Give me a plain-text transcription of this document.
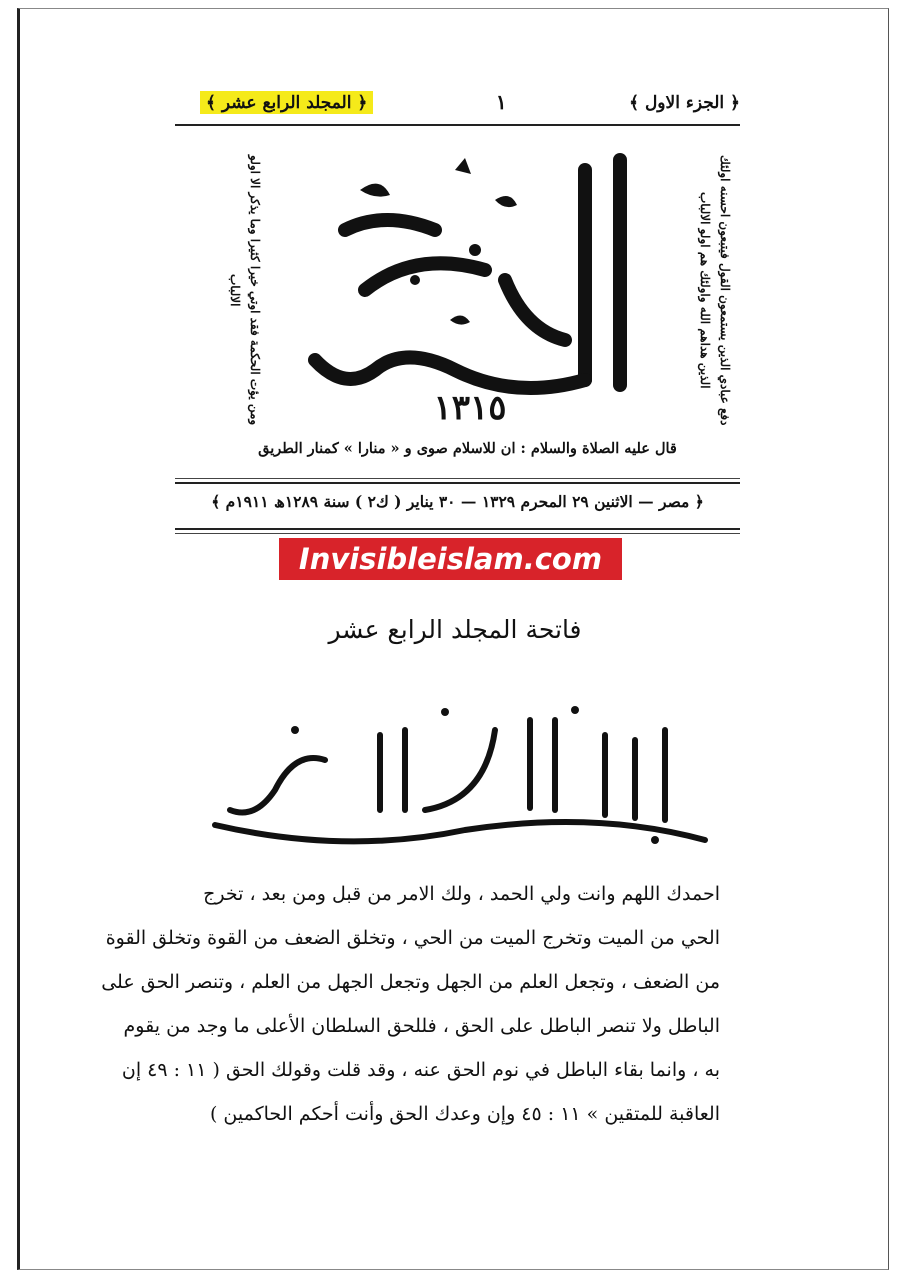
﴿ الجزء الاول ﴾
١
﴿ المجلد الرابع عشر ﴾
دفع عبادي الذين يستمعون القول فيتبعون احسنه اولئك الذين هداهم الله واولئك هم اولو الالباب
ومن يؤت الحكمة فقد اوتي خيرا كثيرا وما يذكر الا اولو الالباب
المنار
١٣١٥
قال عليه الصلاة والسلام : ان للاسلام صوى و « منارا » كمنار الطريق
﴿ مصر — الاثنين ٢٩ المحرم ١٣٢٩ — ٣٠ يناير ( ك٢ ) سنة ١٢٨٩ھ ١٩١١م ﴾
Invisibleislam.com
فاتحة المجلد الرابع عشر

احمدك اللهم وانت ولي الحمد ، ولك الامر من قبل ومن بعد ، تخرج

الحي من الميت وتخرج الميت من الحي ، وتخلق الضعف من القوة وتخلق القوة

من الضعف ، وتجعل العلم من الجهل وتجعل الجهل من العلم ، وتنصر الحق على

الباطل ولا تنصر الباطل على الحق ، فللحق السلطان الأعلى ما وجد من يقوم

به ، وانما بقاء الباطل في نوم الحق عنه ، وقد قلت وقولك الحق ( ١١ : ٤٩ إن

العاقبة للمتقين » ١١ : ٤٥ وإن وعدك الحق وأنت أحكم الحاكمين )
